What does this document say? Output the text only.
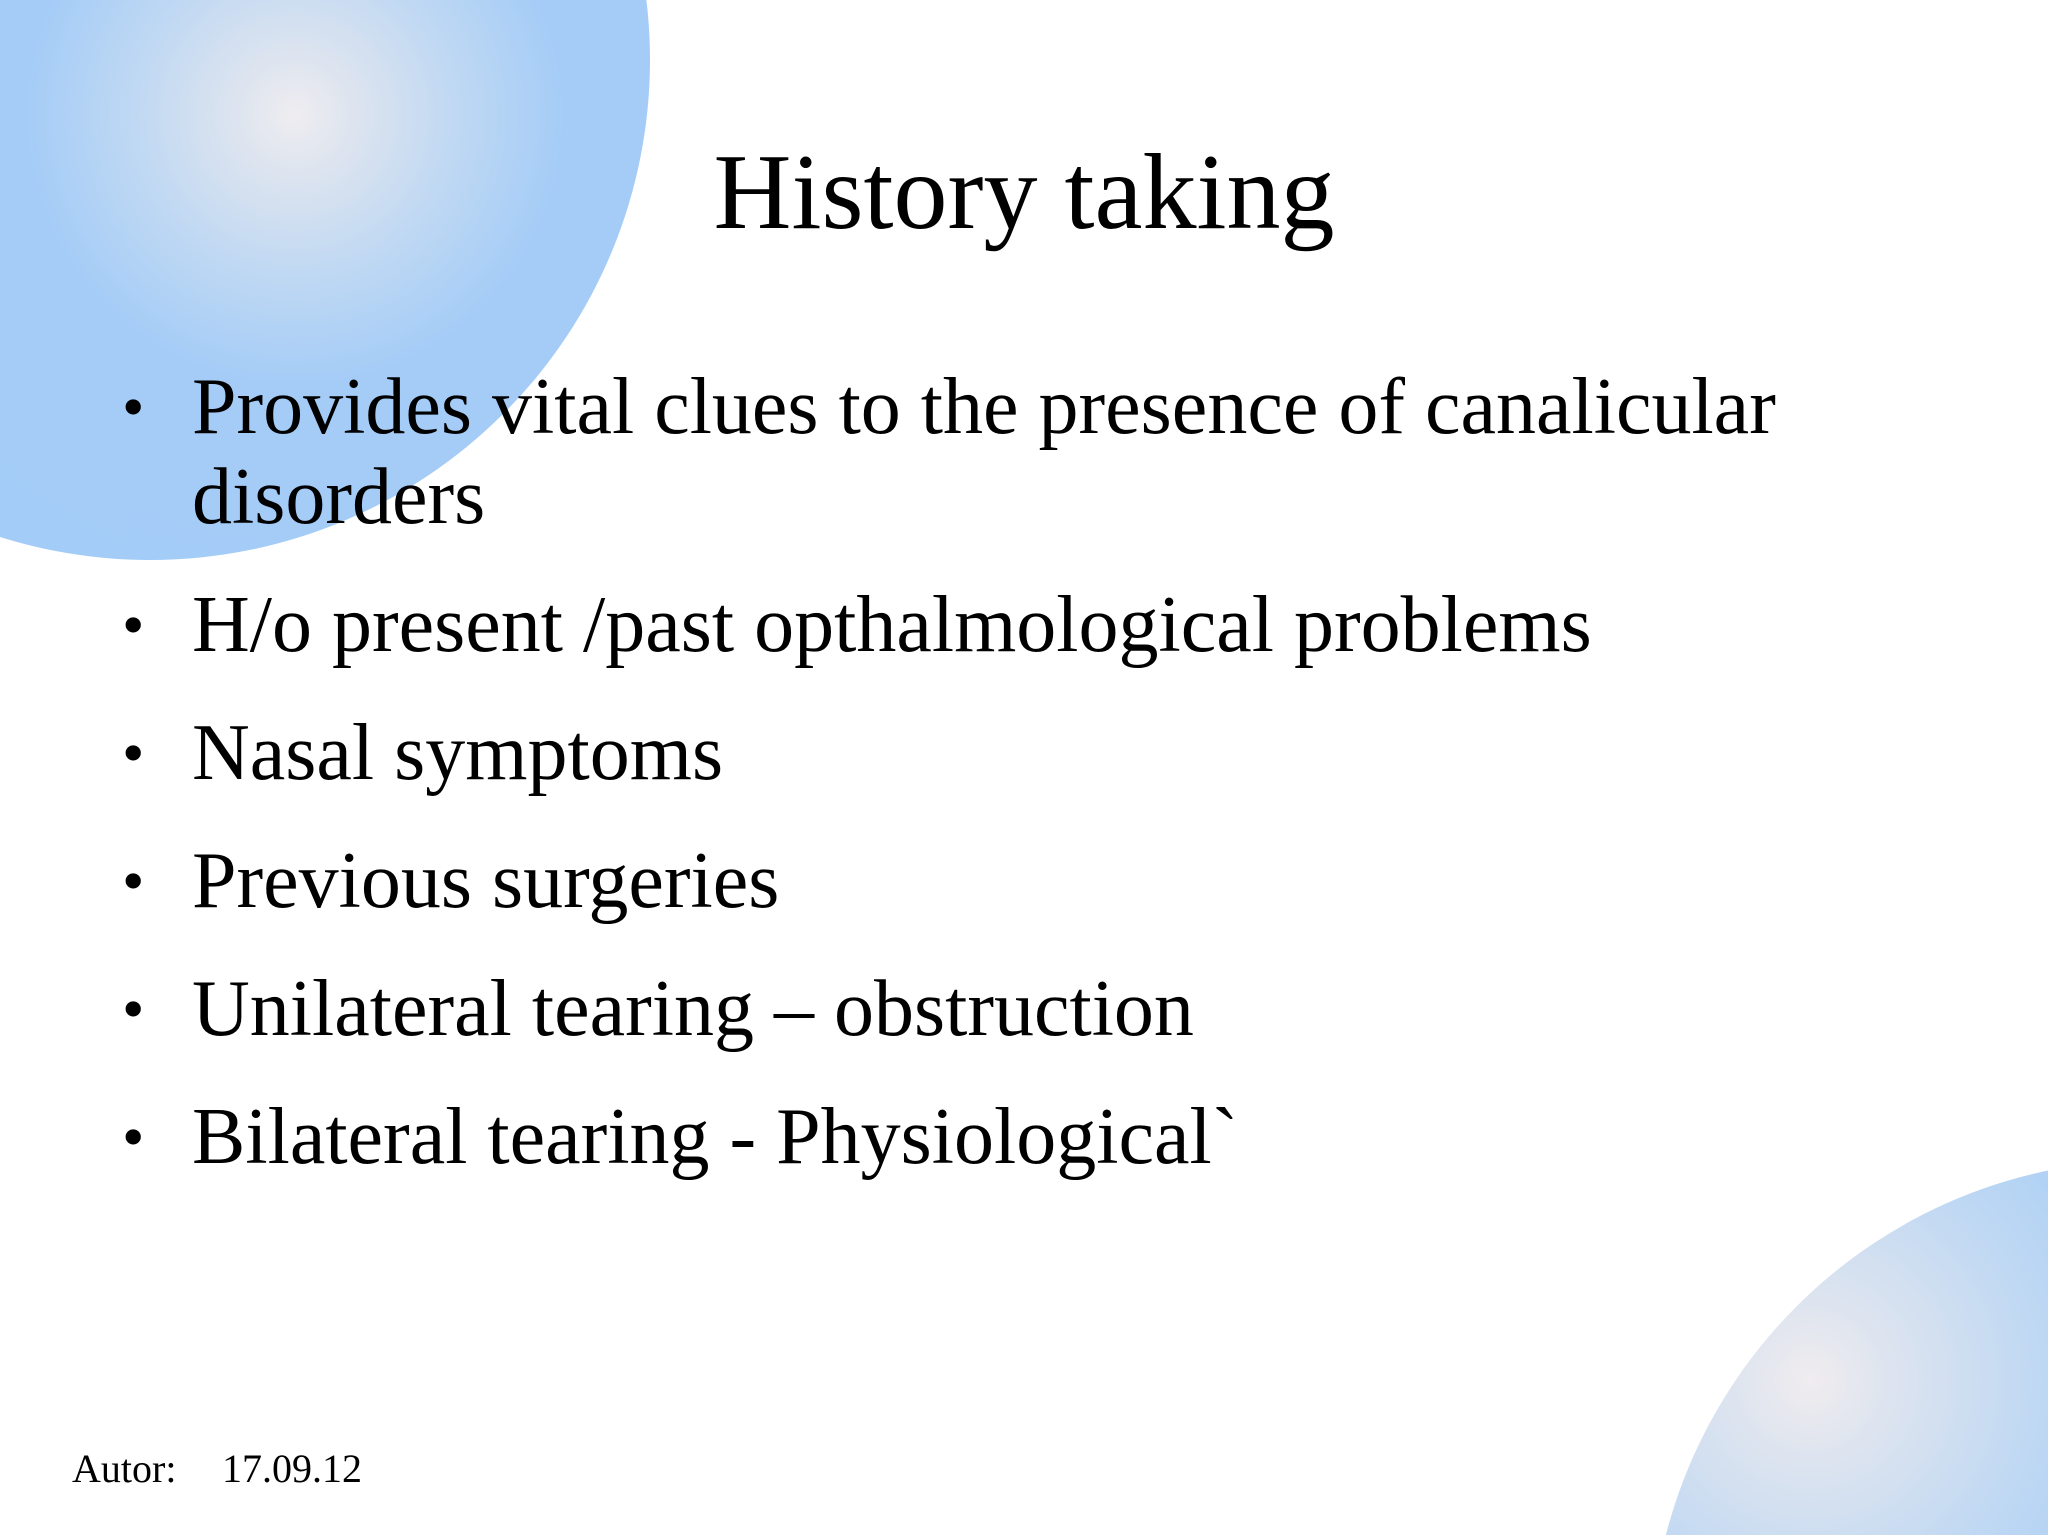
History taking
• Provides vital clues to the presence of canalicular disorders
• H/o present /past opthalmological problems
• Nasal symptoms
• Previous surgeries
• Unilateral tearing – obstruction
• Bilateral tearing - Physiological`
Autor: 17.09.12
